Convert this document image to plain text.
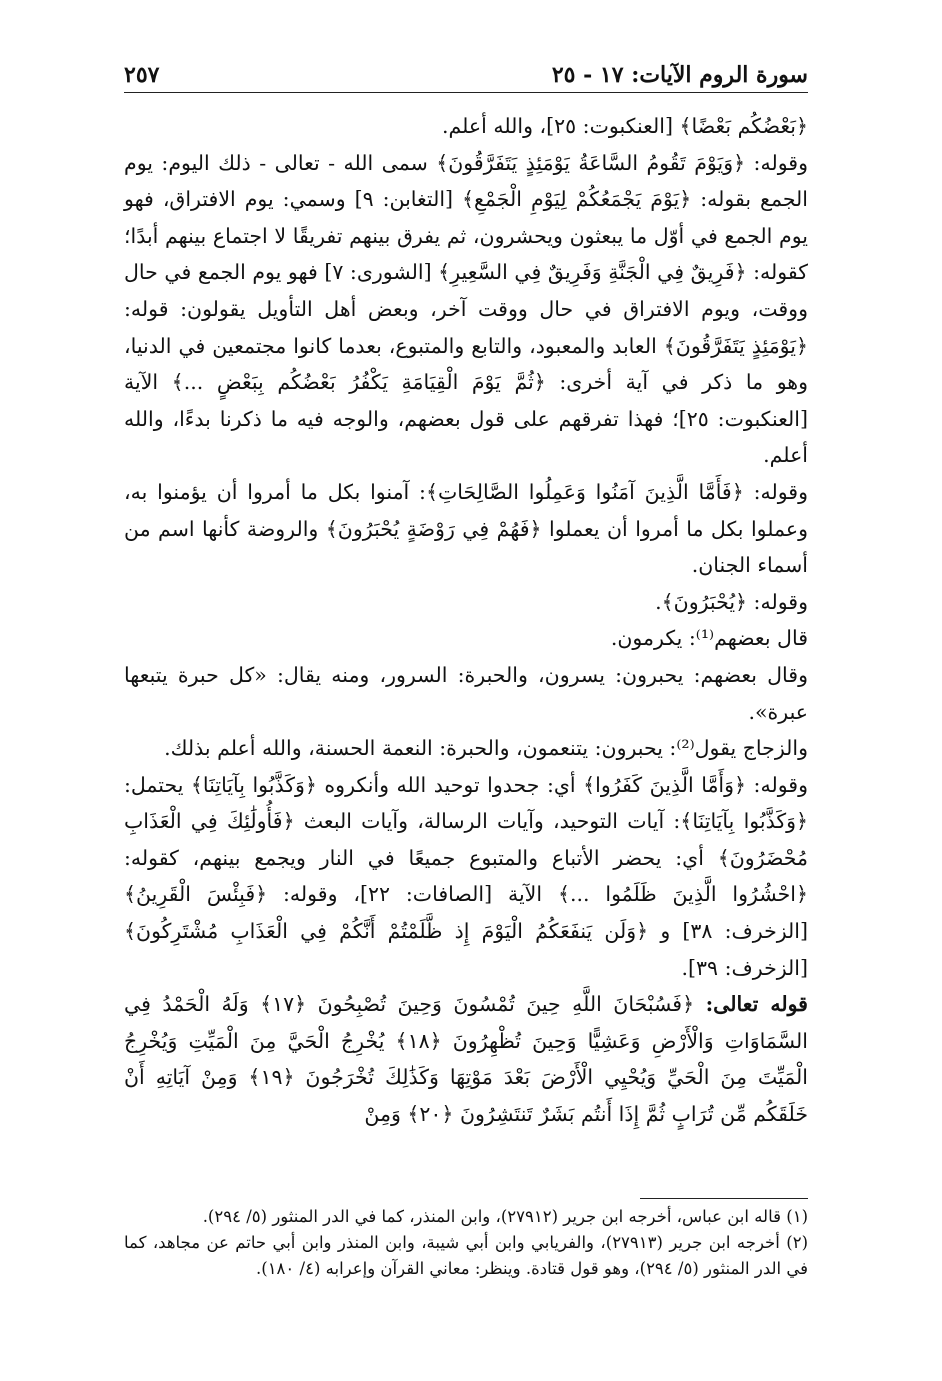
سورة الروم الآيات: ١٧ - ٢٥
٢٥٧

﴿بَعْضُكُم بَعْضًا﴾ [العنكبوت: ٢٥]، والله أعلم.

وقوله: ﴿وَيَوْمَ تَقُومُ السَّاعَةُ يَوْمَئِذٍ يَتَفَرَّقُونَ﴾ سمى الله - تعالى - ذلك اليوم: يوم الجمع بقوله: ﴿يَوْمَ يَجْمَعُكُمْ لِيَوْمِ الْجَمْعِ﴾ [التغابن: ٩] وسمي: يوم الافتراق، فهو يوم الجمع في أوّل ما يبعثون ويحشرون، ثم يفرق بينهم تفريقًا لا اجتماع بينهم أبدًا؛ كقوله: ﴿فَرِيقٌ فِي الْجَنَّةِ وَفَرِيقٌ فِي السَّعِيرِ﴾ [الشورى: ٧] فهو يوم الجمع في حال ووقت، ويوم الافتراق في حال ووقت آخر، وبعض أهل التأويل يقولون: قوله: ﴿يَوْمَئِذٍ يَتَفَرَّقُونَ﴾ العابد والمعبود، والتابع والمتبوع، بعدما كانوا مجتمعين في الدنيا، وهو ما ذكر في آية أخرى: ﴿ثُمَّ يَوْمَ الْقِيَامَةِ يَكْفُرُ بَعْضُكُم بِبَعْضٍ ...﴾ الآية [العنكبوت: ٢٥]؛ فهذا تفرقهم على قول بعضهم، والوجه فيه ما ذكرنا بدءًا، والله أعلم.

وقوله: ﴿فَأَمَّا الَّذِينَ آمَنُوا وَعَمِلُوا الصَّالِحَاتِ﴾: آمنوا بكل ما أمروا أن يؤمنوا به، وعملوا بكل ما أمروا أن يعملوا ﴿فَهُمْ فِي رَوْضَةٍ يُحْبَرُونَ﴾ والروضة كأنها اسم من أسماء الجنان.

وقوله: ﴿يُحْبَرُونَ﴾.

قال بعضهم⁽¹⁾: يكرمون.

وقال بعضهم: يحبرون: يسرون، والحبرة: السرور، ومنه يقال: «كل حبرة يتبعها عبرة».

والزجاج يقول⁽²⁾: يحبرون: يتنعمون، والحبرة: النعمة الحسنة، والله أعلم بذلك.

وقوله: ﴿وَأَمَّا الَّذِينَ كَفَرُوا﴾ أي: جحدوا توحيد الله وأنكروه ﴿وَكَذَّبُوا بِآيَاتِنَا﴾ يحتمل: ﴿وَكَذَّبُوا بِآيَاتِنَا﴾: آيات التوحيد، وآيات الرسالة، وآيات البعث ﴿فَأُولَٰئِكَ فِي الْعَذَابِ مُحْضَرُونَ﴾ أي: يحضر الأتباع والمتبوع جميعًا في النار ويجمع بينهم، كقوله: ﴿احْشُرُوا الَّذِينَ ظَلَمُوا ...﴾ الآية [الصافات: ٢٢]، وقوله: ﴿فَبِئْسَ الْقَرِينُ﴾ [الزخرف: ٣٨] و ﴿وَلَن يَنفَعَكُمُ الْيَوْمَ إِذ ظَّلَمْتُمْ أَنَّكُمْ فِي الْعَذَابِ مُشْتَرِكُونَ﴾ [الزخرف: ٣٩].

قوله تعالى: ﴿فَسُبْحَانَ اللَّهِ حِينَ تُمْسُونَ وَحِينَ تُصْبِحُونَ ﴿١٧﴾ وَلَهُ الْحَمْدُ فِي السَّمَاوَاتِ وَالْأَرْضِ وَعَشِيًّا وَحِينَ تُظْهِرُونَ ﴿١٨﴾ يُخْرِجُ الْحَيَّ مِنَ الْمَيِّتِ وَيُخْرِجُ الْمَيِّتَ مِنَ الْحَيِّ وَيُحْيِي الْأَرْضَ بَعْدَ مَوْتِهَا وَكَذَٰلِكَ تُخْرَجُونَ ﴿١٩﴾ وَمِنْ آيَاتِهِ أَنْ خَلَقَكُم مِّن تُرَابٍ ثُمَّ إِذَا أَنتُم بَشَرٌ تَنتَشِرُونَ ﴿٢٠﴾ وَمِنْ

(١) قاله ابن عباس، أخرجه ابن جرير (٢٧٩١٢)، وابن المنذر، كما في الدر المنثور (٥/ ٢٩٤).

(٢) أخرجه ابن جرير (٢٧٩١٣)، والفريابي وابن أبي شيبة، وابن المنذر وابن أبي حاتم عن مجاهد، كما في الدر المنثور (٥/ ٢٩٤)، وهو قول قتادة. وينظر: معاني القرآن وإعرابه (٤/ ١٨٠).
